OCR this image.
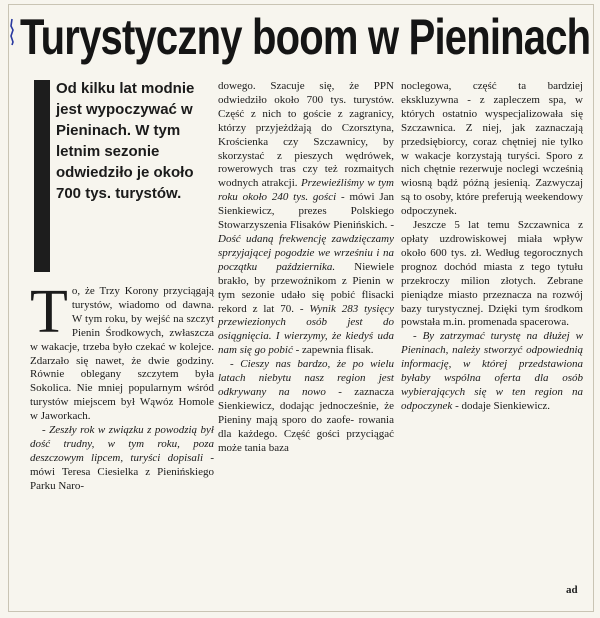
Turystyczny boom w Pieninach
Od kilku lat modnie jest wypoczywać w Pieninach. W tym letnim sezonie odwiedziło je około 700 tys. turystów.
T o, że Trzy Korony przyciągają turystów, wiadomo od dawna. W tym roku, by wejść na szczyt Pienin Środkowych, zwłaszcza w wakacje, trzeba było czekać w kolejce. Zdarzało się nawet, że dwie godziny. Równie oblegany szczytem była Sokolica. Nie mniej popularnym wśród turystów miejscem był Wąwóz Homole w Jaworkach.

- Zeszły rok w związku z powodzią był dość trudny, w tym roku, poza deszczowym lipcem, turyści dopisali - mówi Teresa Ciesielka z Pienińskiego Parku Naro-

dowego. Szacuje się, że PPN odwiedziło około 700 tys. turystów. Część z nich to goście z zagranicy, którzy przyjeżdżają do Czorsztyna, Krościenka czy Szczawnicy, by skorzystać z pieszych wędrówek, rowerowych tras czy też rozmaitych wodnych atrakcji. Przewieźliśmy w tym roku około 240 tys. gości - mówi Jan Sienkiewicz, prezes Polskiego Stowarzyszenia Flisaków Pienińskich. - Dość udaną frekwencję zawdzięczamy sprzyjającej pogodzie we wrześniu i na początku października. Niewiele brakło, by przewoźnikom z Pienin w tym sezonie udało się pobić flisacki rekord z lat 70. - Wynik 283 tysięcy przewiezionych osób jest do osiągnięcia. I wierzymy, że kiedyś uda nam się go pobić - zapewnia flisak.

- Cieszy nas bardzo, że po wielu latach niebytu nasz region jest odkrywany na nowo - zaznacza Sienkiewicz, dodając jednocześnie, że Pieniny mają sporo do zaofe- rowania dla każdego. Część gości przyciągać może tania baza

noclegowa, część ta bardziej ekskluzywna - z zapleczem spa, w których ostatnio wyspecjalizowała się Szczawnica. Z niej, jak zaznaczają przedsiębiorcy, coraz chętniej nie tylko w wakacje korzystają turyści. Sporo z nich chętnie rezerwuje noclegi wcześnią wiosną bądź późną jesienią. Zazwyczaj są to osoby, które preferują weekendowy odpoczynek.

Jeszcze 5 lat temu Szczawnica z opłaty uzdrowiskowej miała wpływ około 600 tys. zł. Według tegorocznych prognoz dochód miasta z tego tytułu przekroczy milion złotych. Zebrane pieniądze miasto przeznacza na rozwój bazy turystycznej. Dzięki tym środkom powstała m.in. promenada spacerowa.

- By zatrzymać turystę na dłużej w Pieninach, należy stworzyć odpowiednią informację, w której przedstawiona byłaby wspólna oferta dla osób wybierających się w ten region na odpoczynek - dodaje Sienkiewicz.

ad
